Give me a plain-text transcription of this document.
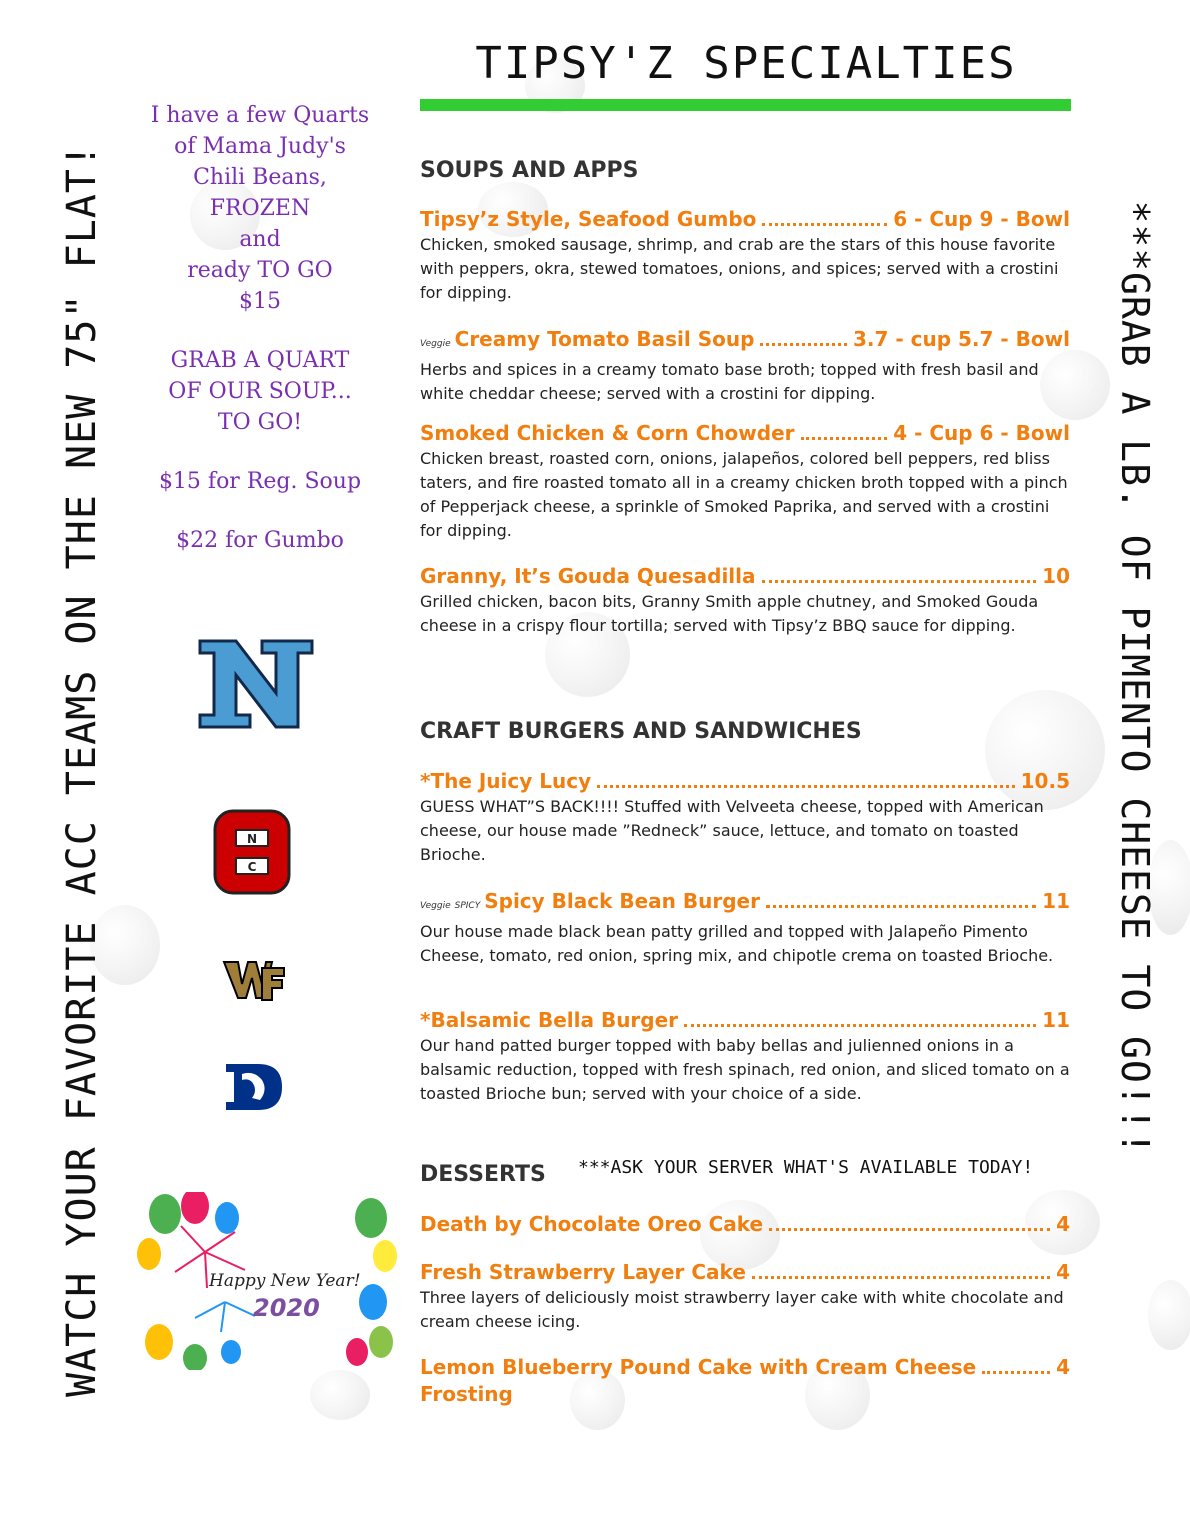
WATCH YOUR FAVORITE ACC TEAMS ON THE NEW 75" FLAT!	***GRAB A LB. OF PIMENTO CHEESE TO GO!!!

I have a few Quarts

of Mama Judy's

Chili Beans,

FROZEN

and

ready TO GO

$15

GRAB A QUART

OF OUR SOUP...

TO GO!

$15 for Reg. Soup

$22 for Gumbo

N
C
Happy New Year!
2020
TIPSY'Z SPECIALTIES
SOUPS AND APPS
Tipsy’z Style, Seafood Gumbo	6 - Cup 9 - Bowl
Chicken, smoked sausage, shrimp, and crab are the stars of this house favorite with peppers, okra, stewed tomatoes, onions, and spices; served with a crostini for dipping.
Veggie Creamy Tomato Basil Soup	3.7 - cup 5.7 - Bowl
Herbs and spices in a creamy tomato base broth; topped with fresh basil and white cheddar cheese; served with a crostini for dipping.
Smoked Chicken & Corn Chowder	4 - Cup 6 - Bowl
Chicken breast, roasted corn, onions, jalapeños, colored bell peppers, red bliss taters, and fire roasted tomato all in a creamy chicken broth topped with a pinch of Pepperjack cheese, a sprinkle of Smoked Paprika, and served with a crostini for dipping.
Granny, It’s Gouda Quesadilla	10
Grilled chicken, bacon bits, Granny Smith apple chutney, and Smoked Gouda cheese in a crispy flour tortilla; served with Tipsy’z BBQ sauce for dipping.
CRAFT BURGERS AND SANDWICHES
*The Juicy Lucy	10.5
GUESS WHAT”S BACK!!!! Stuffed with Velveeta cheese, topped with American cheese, our house made ”Redneck” sauce, lettuce, and tomato on toasted Brioche.
Veggie SPICY Spicy Black Bean Burger	11
Our house made black bean patty grilled and topped with Jalapeño Pimento Cheese, tomato, red onion, spring mix, and chipotle crema on toasted Brioche.
*Balsamic Bella Burger	11
Our hand patted burger topped with baby bellas and julienned onions in a balsamic reduction, topped with fresh spinach, red onion, and sliced tomato on a toasted Brioche bun; served with your choice of a side.
DESSERTS ***ASK YOUR SERVER WHAT'S AVAILABLE TODAY!
Death by Chocolate Oreo Cake	4
Fresh Strawberry Layer Cake	4
Three layers of deliciously moist strawberry layer cake with white chocolate and cream cheese icing.
Lemon Blueberry Pound Cake with Cream Cheese	4
Frosting
